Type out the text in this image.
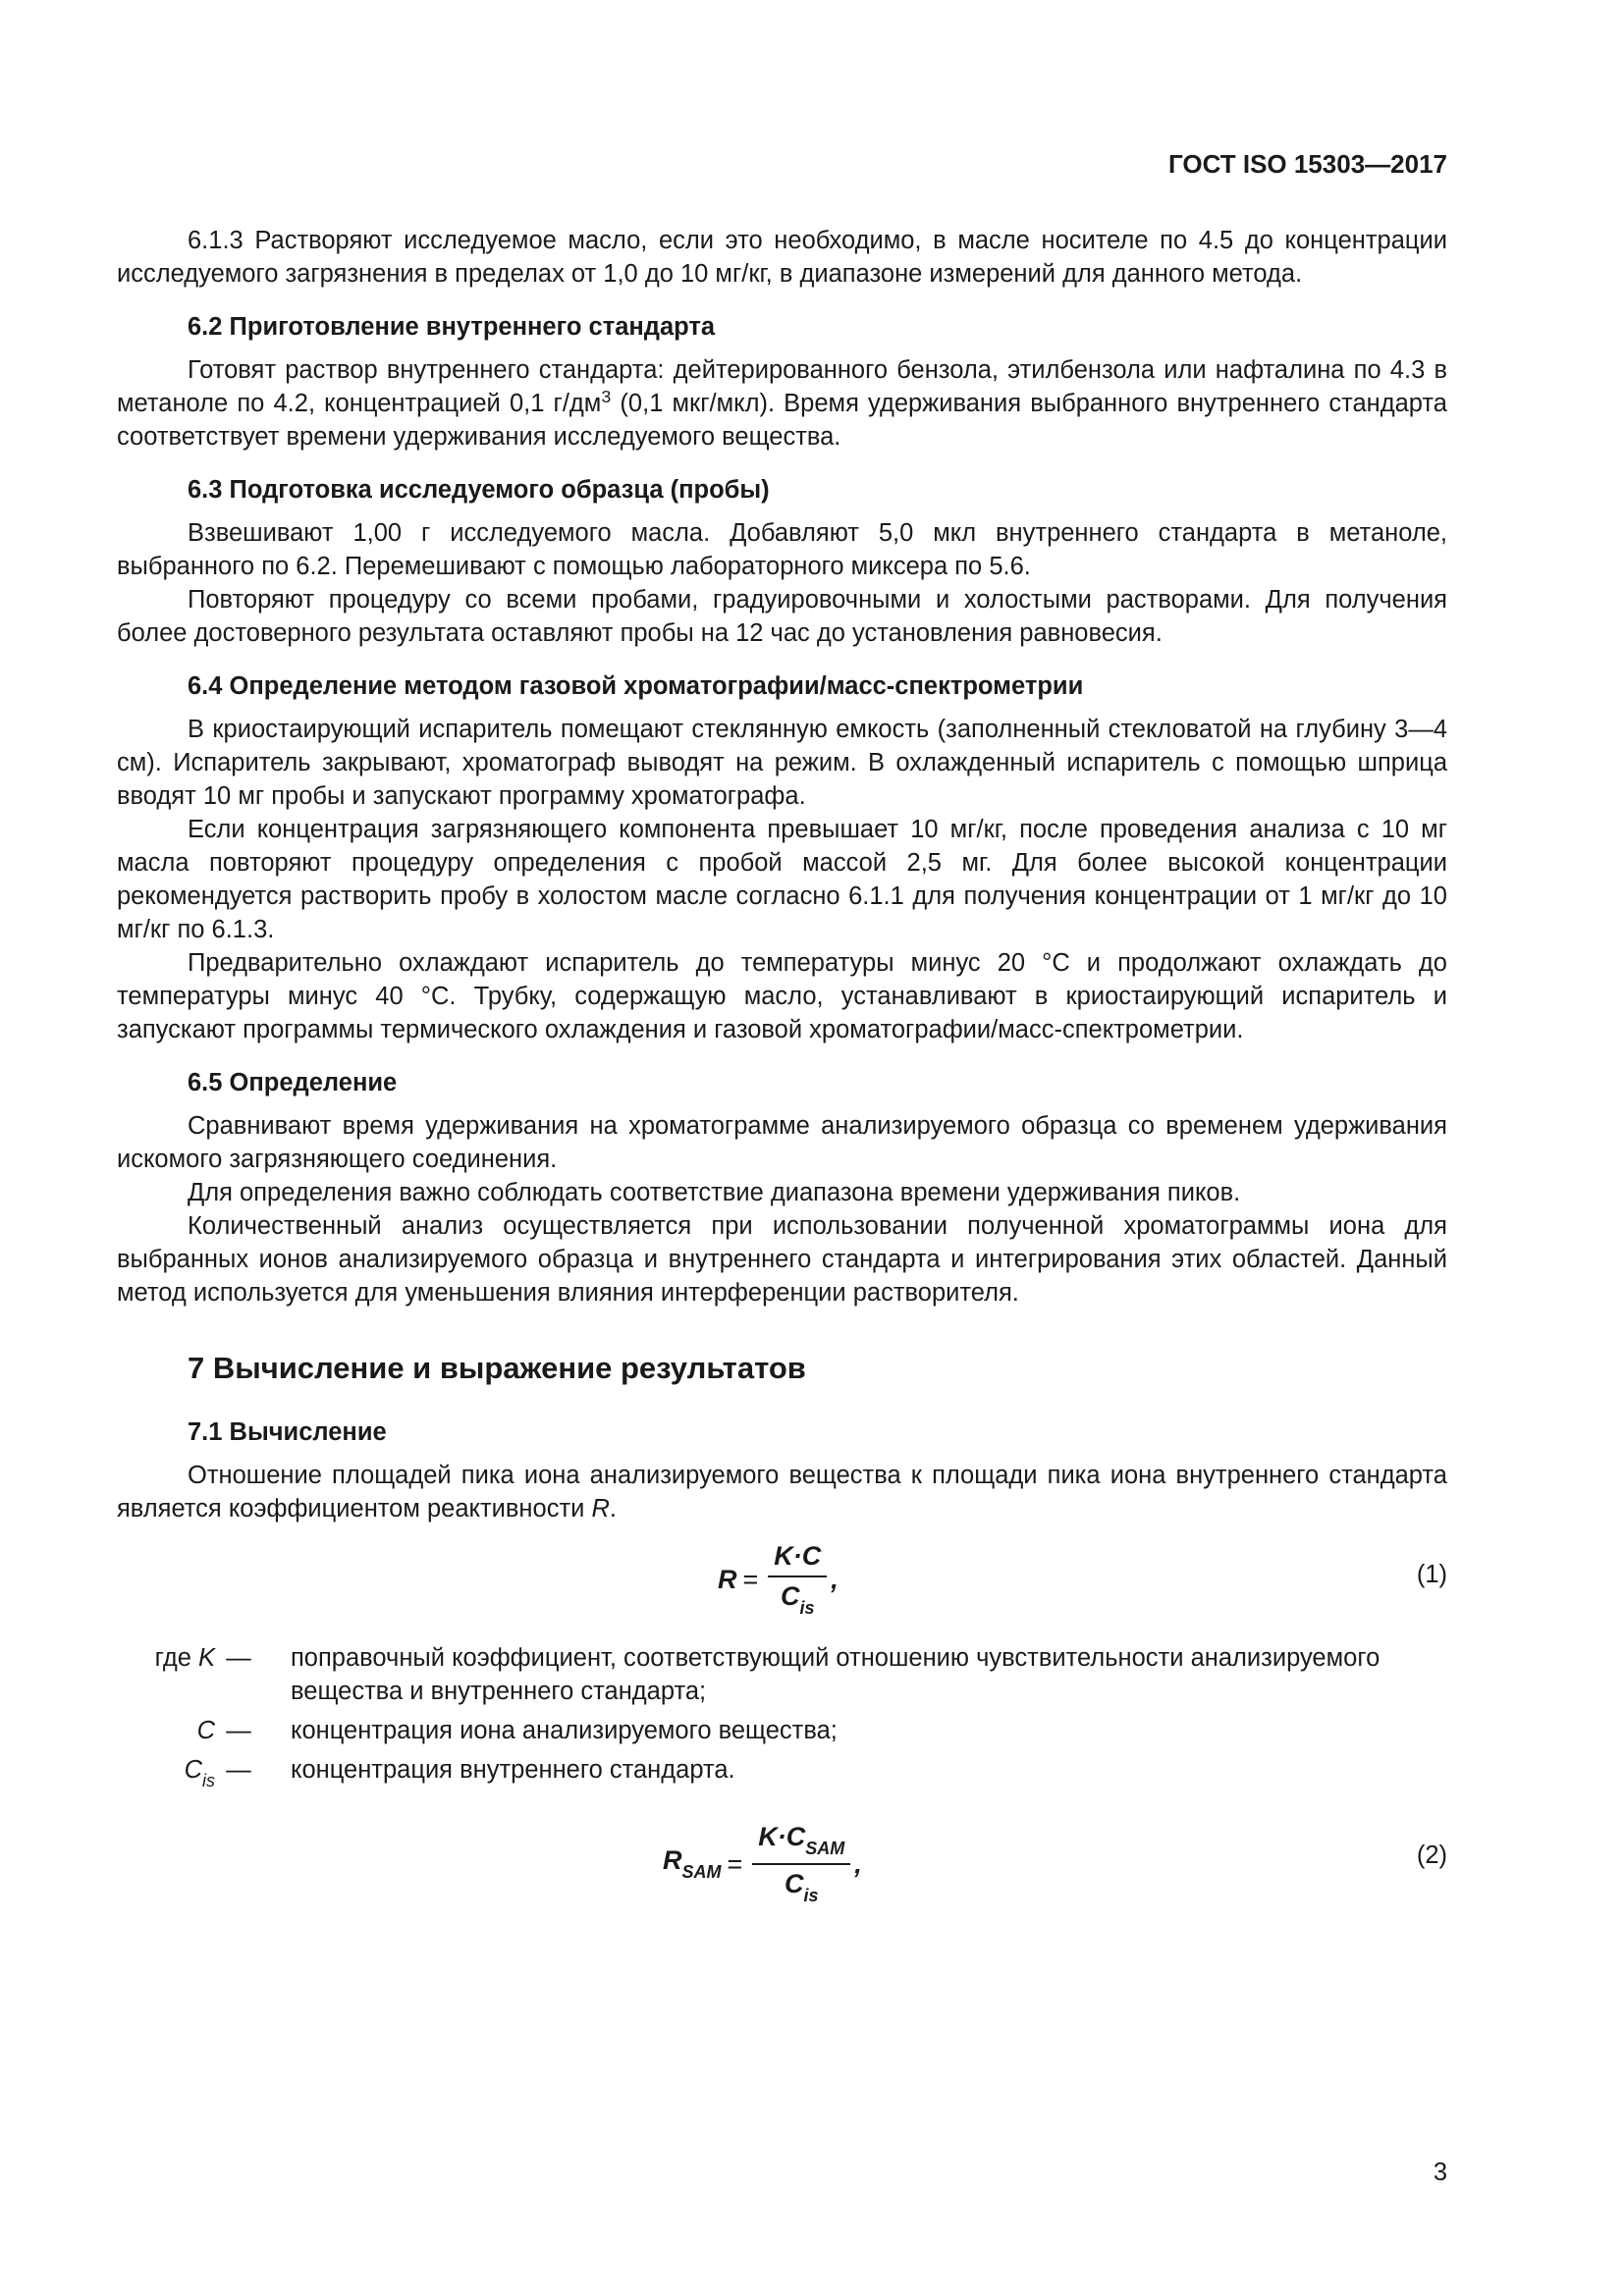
ГОСТ ISO 15303—2017

6.1.3 Растворяют исследуемое масло, если это необходимо, в масле носителе по 4.5 до концентрации исследуемого загрязнения в пределах от 1,0 до 10 мг/кг, в диапазоне измерений для данного метода.

6.2 Приготовление внутреннего стандарта

Готовят раствор внутреннего стандарта: дейтерированного бензола, этилбензола или нафталина по 4.3 в метаноле по 4.2, концентрацией 0,1 $г/дм^3$ (0,1 мкг/мкл). Время удерживания выбранного внутреннего стандарта соответствует времени удерживания исследуемого вещества.

6.3 Подготовка исследуемого образца (пробы)

Взвешивают 1,00 г исследуемого масла. Добавляют 5,0 мкл внутреннего стандарта в метаноле, выбранного по 6.2. Перемешивают с помощью лабораторного миксера по 5.6.

Повторяют процедуру со всеми пробами, градуировочными и холостыми растворами. Для получения более достоверного результата оставляют пробы на 12 час до установления равновесия.

6.4 Определение методом газовой хроматографии/масс-спектрометрии

В криостаирующий испаритель помещают стеклянную емкость (заполненный стекловатой на глубину 3—4 см). Испаритель закрывают, хроматограф выводят на режим. В охлажденный испаритель с помощью шприца вводят 10 мг пробы и запускают программу хроматографа.

Если концентрация загрязняющего компонента превышает 10 мг/кг, после проведения анализа с 10 мг масла повторяют процедуру определения с пробой массой 2,5 мг. Для более высокой концентрации рекомендуется растворить пробу в холостом масле согласно 6.1.1 для получения концентрации от 1 мг/кг до 10 мг/кг по 6.1.3.

Предварительно охлаждают испаритель до температуры минус 20 °С и продолжают охлаждать до температуры минус 40 °С. Трубку, содержащую масло, устанавливают в криостаирующий испаритель и запускают программы термического охлаждения и газовой хроматографии/масс-спектрометрии.

6.5 Определение

Сравнивают время удерживания на хроматограмме анализируемого образца со временем удерживания искомого загрязняющего соединения.

Для определения важно соблюдать соответствие диапазона времени удерживания пиков.

Количественный анализ осуществляется при использовании полученной хроматограммы иона для выбранных ионов анализируемого образца и внутреннего стандарта и интегрирования этих областей. Данный метод используется для уменьшения влияния интерференции растворителя.

7 Вычисление и выражение результатов
7.1 Вычисление

Отношение площадей пика иона анализируемого вещества к площади пика иона внутреннего стандарта является коэффициентом реактивности R.

$R = \frac{K\cdot C}{C_{is}}$ ,	(1)
где K — поправочный коэффициент, соответствующий отношению чувствительности анализируемого вещества и внутреннего стандарта;
C — концентрация иона анализируемого вещества;
$C_{is}$ — концентрация внутреннего стандарта.
$R_{SAM} = \frac{K\cdot C_{SAM}}{C_{is}}$ ,	(2)
3
